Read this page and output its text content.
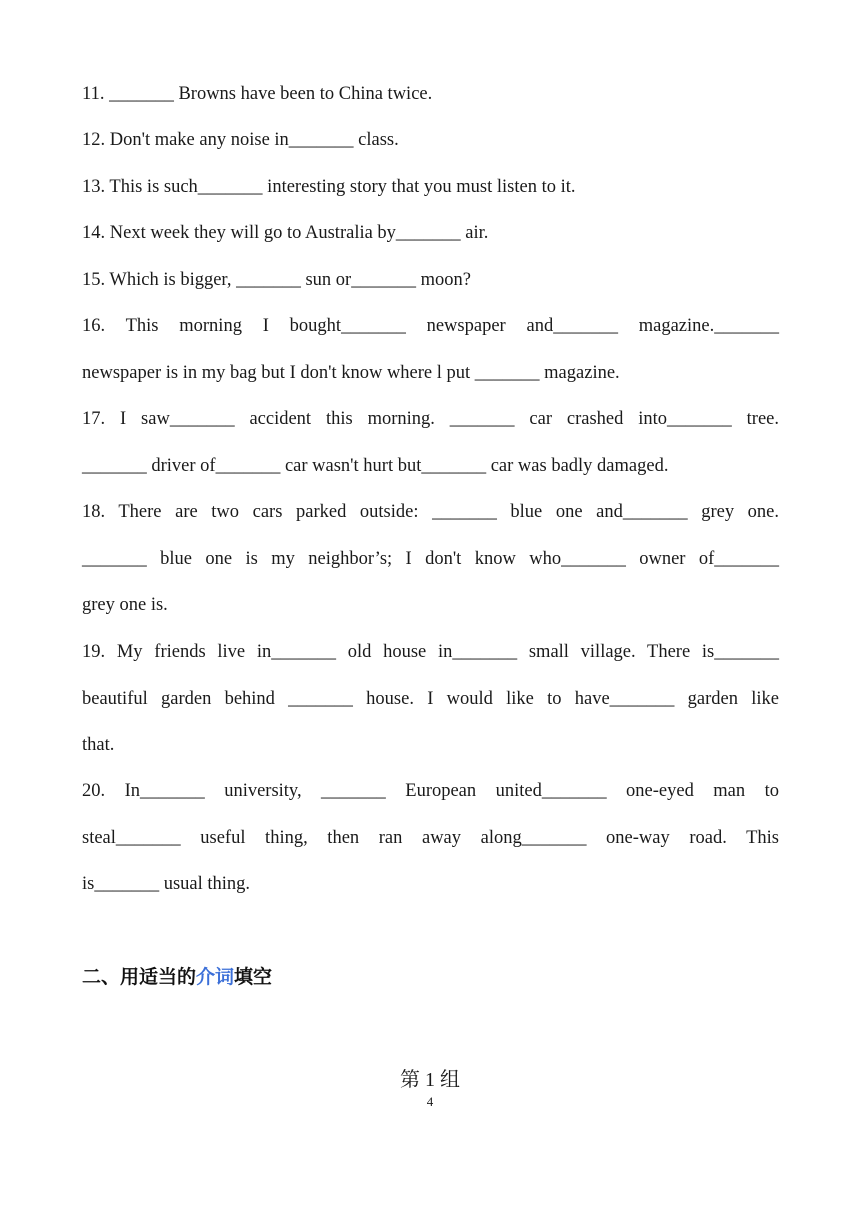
11. _______ Browns have been to China twice.

12. Don't make any noise in_______ class.

13. This is such_______ interesting story that you must listen to it.

14. Next week they will go to Australia by_______ air.

15. Which is bigger, _______ sun or_______ moon?

16. This morning I bought_______ newspaper and_______ magazine._______

newspaper is in my bag but I don't know where l put _______ magazine.

17. I saw_______ accident this morning. _______ car crashed into_______ tree.

_______ driver of_______ car wasn't hurt but_______ car was badly damaged.

18. There are two cars parked outside: _______ blue one and_______ grey one.

_______ blue one is my neighbor’s; I don't know who_______ owner of_______

grey one is.

19. My friends live in_______ old house in_______ small village. There is_______

beautiful garden behind _______ house. I would like to have_______ garden like

that.

20. In_______ university, _______ European united_______ one-eyed man to

steal_______ useful thing, then ran away along_______ one-way road. This

is_______ usual thing.

二、用适当的介词填空
第 1 组
4
